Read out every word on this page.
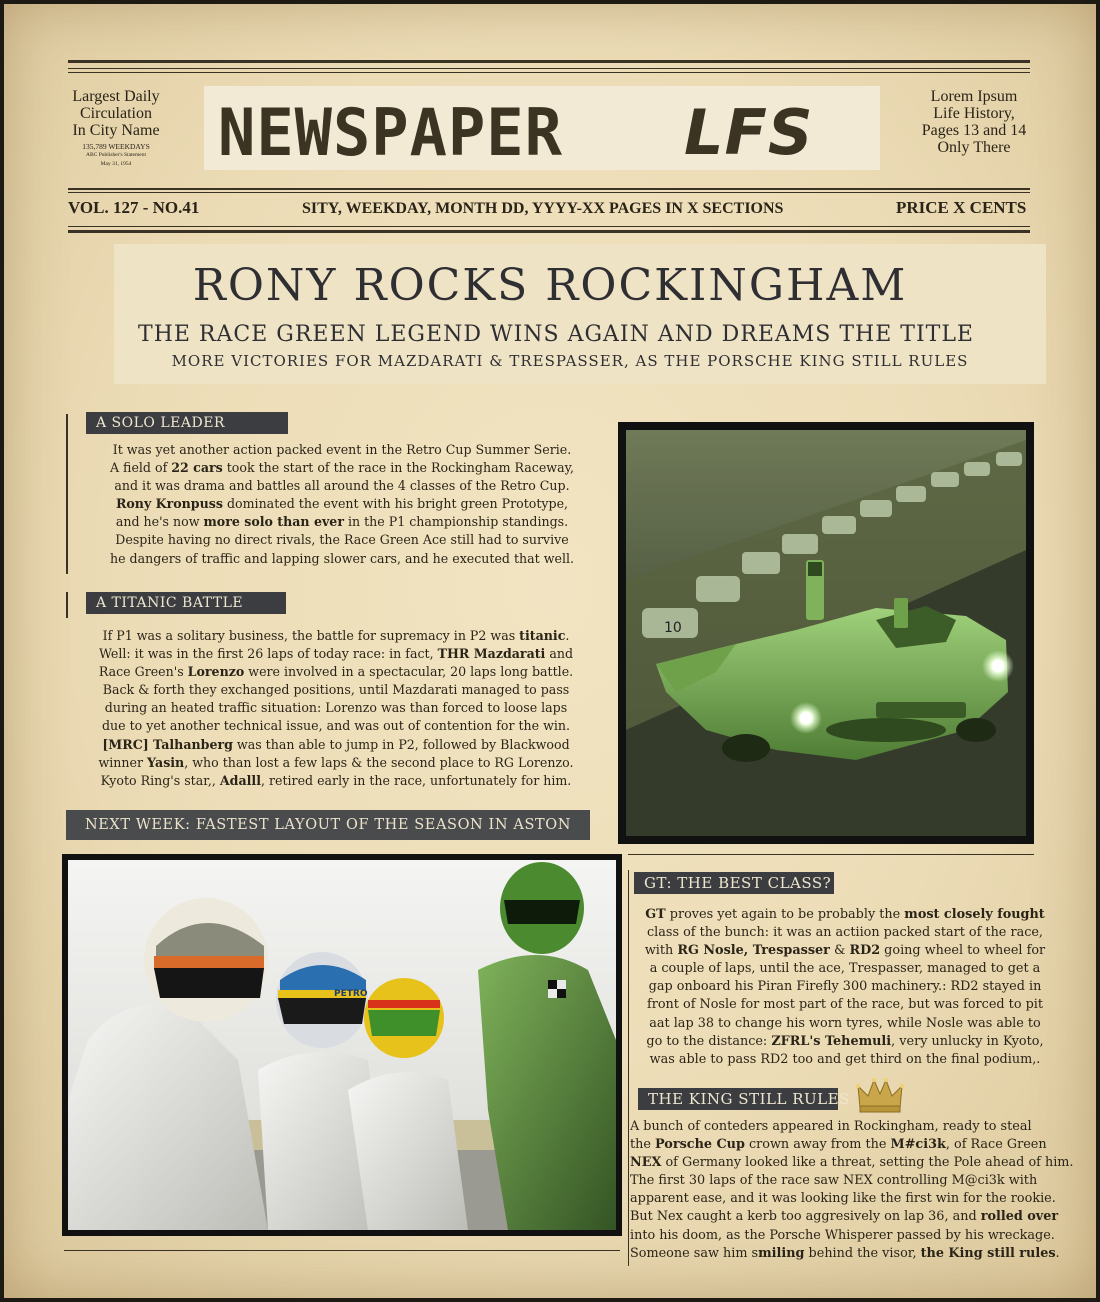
Largest Daily
Circulation
In City Name
135,789 WEEKDAYS
ABC Publisher's Statement
May 31, 1954	NEWSPAPER LFS	Lorem Ipsum
Life History,
Pages 13 and 14
Only There
VOL. 127 - NO.41	SITY, WEEKDAY, MONTH DD, YYYY-XX PAGES IN X SECTIONS	PRICE X CENTS
RONY ROCKS ROCKINGHAM
THE RACE GREEN LEGEND WINS AGAIN AND DREAMS THE TITLE
MORE VICTORIES FOR MAZDARATI & TRESPASSER, AS THE PORSCHE KING STILL RULES
A SOLO LEADER
It was yet another action packed event in the Retro Cup Summer Serie.
A field of 22 cars took the start of the race in the Rockingham Raceway,
and it was drama and battles all around the 4 classes of the Retro Cup.
Rony Kronpuss dominated the event with his bright green Prototype,
and he's now more solo than ever in the P1 championship standings.
Despite having no direct rivals, the Race Green Ace still had to survive
he dangers of traffic and lapping slower cars, and he executed that well.
A TITANIC BATTLE
If P1 was a solitary business, the battle for supremacy in P2 was titanic.
Well: it was in the first 26 laps of today race: in fact, THR Mazdarati and
Race Green's Lorenzo were involved in a spectacular, 20 laps long battle.
Back & forth they exchanged positions, until Mazdarati managed to pass
during an heated traffic situation: Lorenzo was than forced to loose laps
due to yet another technical issue, and was out of contention for the win.
[MRC] Talhanberg was than able to jump in P2, followed by Blackwood
winner Yasin, who than lost a few laps & the second place to RG Lorenzo.
Kyoto Ring's star,, Adalll, retired early in the race, unfortunately for him.
NEXT WEEK: FASTEST LAYOUT OF THE SEASON IN ASTON
10
PETRO
GT: THE BEST CLASS?
GT proves yet again to be probably the most closely fought
class of the bunch: it was an actiion packed start of the race,
with RG Nosle, Trespasser & RD2 going wheel to wheel for
a couple of laps, until the ace, Trespasser, managed to get a
gap onboard his Piran Firefly 300 machinery.: RD2 stayed in
front of Nosle for most part of the race, but was forced to pit
aat lap 38 to change his worn tyres, while Nosle was able to
go to the distance: ZFRL's Tehemuli, very unlucky in Kyoto,
was able to pass RD2 too and get third on the final podium,.
THE KING STILL RULES
A bunch of conteders appeared in Rockingham, ready to steal
the Porsche Cup crown away from the M#ci3k, of Race Green
NEX of Germany looked like a threat, setting the Pole ahead of him.
The first 30 laps of the race saw NEX controlling M@ci3k with
apparent ease, and it was looking like the first win for the rookie.
But Nex caught a kerb too aggresively on lap 36, and rolled over
into his doom, as the Porsche Whisperer passed by his wreckage.
Someone saw him smiling behind the visor, the King still rules.
